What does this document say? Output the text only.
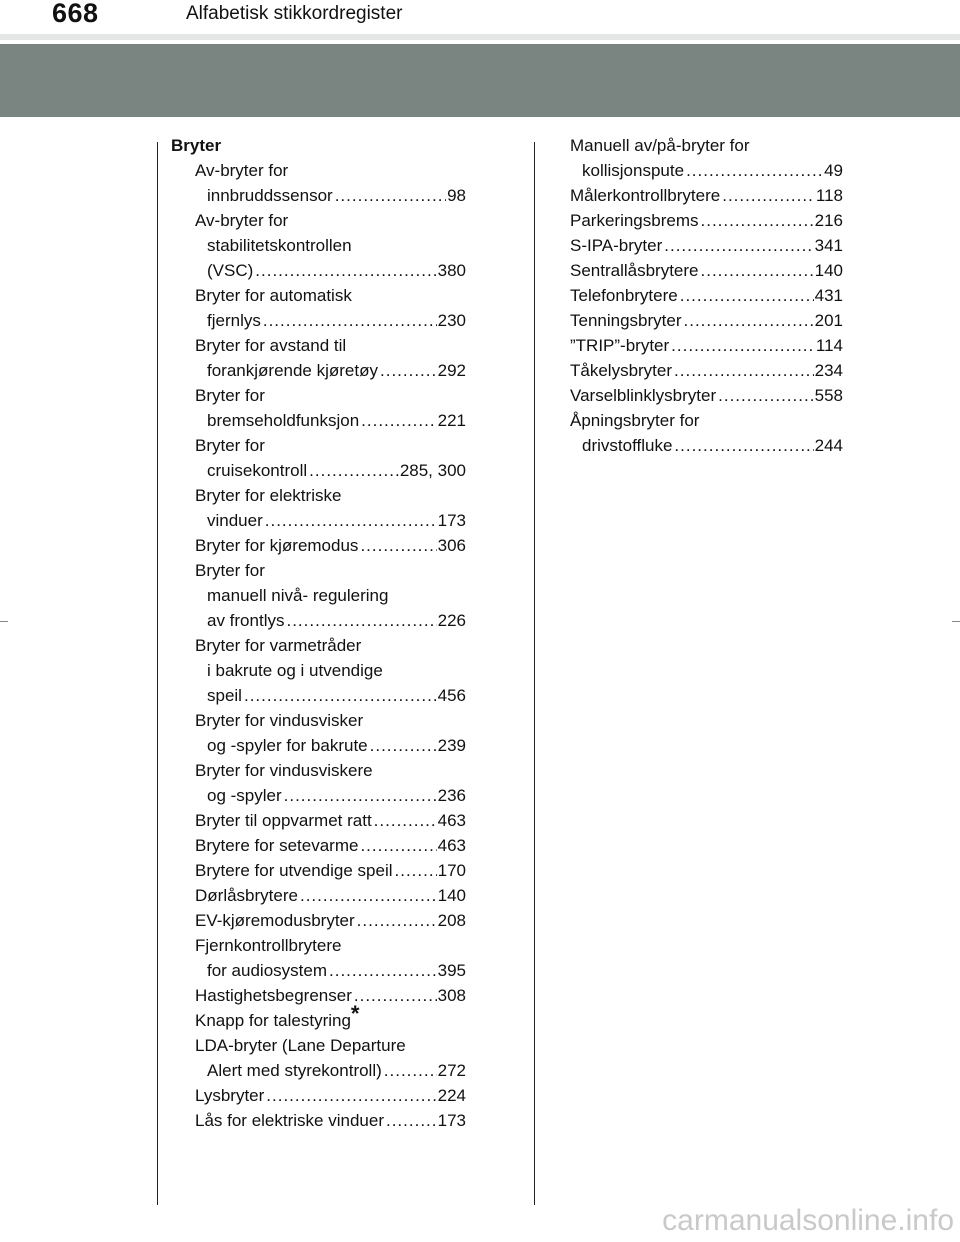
668	Alfabetisk stikkordregister
Bryter
Av-bryter for
innbruddssensor .....	98
Av-bryter for
stabilitetskontrollen
(VSC) .....	380
Bryter for automatisk
fjernlys .....	230
Bryter for avstand til
forankjørende kjøretøy .....	292
Bryter for
bremseholdfunksjon .....	221
Bryter for
cruisekontroll .....	285, 300
Bryter for elektriske
vinduer .....	173
Bryter for kjøremodus .....	306
Bryter for
manuell nivå- regulering
av frontlys .....	226
Bryter for varmetråder
i bakrute og i utvendige
speil .....	456
Bryter for vindusvisker
og -spyler for bakrute .....	239
Bryter for vindusviskere
og -spyler .....	236
Bryter til oppvarmet ratt .....	463
Brytere for setevarme .....	463
Brytere for utvendige speil .....	170
Dørlåsbrytere .....	140
EV-kjøremodusbryter .....	208
Fjernkontrollbrytere
for audiosystem .....	395
Hastighetsbegrenser .....	308
Knapp for talestyring*
LDA-bryter (Lane Departure
Alert med styrekontroll) .....	272
Lysbryter .....	224
Lås for elektriske vinduer .....	173
Manuell av/på-bryter for
kollisjonspute .....	49
Målerkontrollbrytere .....	118
Parkeringsbrems .....	216
S-IPA-bryter .....	341
Sentrallåsbrytere .....	140
Telefonbrytere .....	431
Tenningsbryter .....	201
”TRIP”-bryter .....	114
Tåkelysbryter .....	234
Varselblinklysbryter .....	558
Åpningsbryter for
drivstoffluke .....	244
carmanualsonline.info
